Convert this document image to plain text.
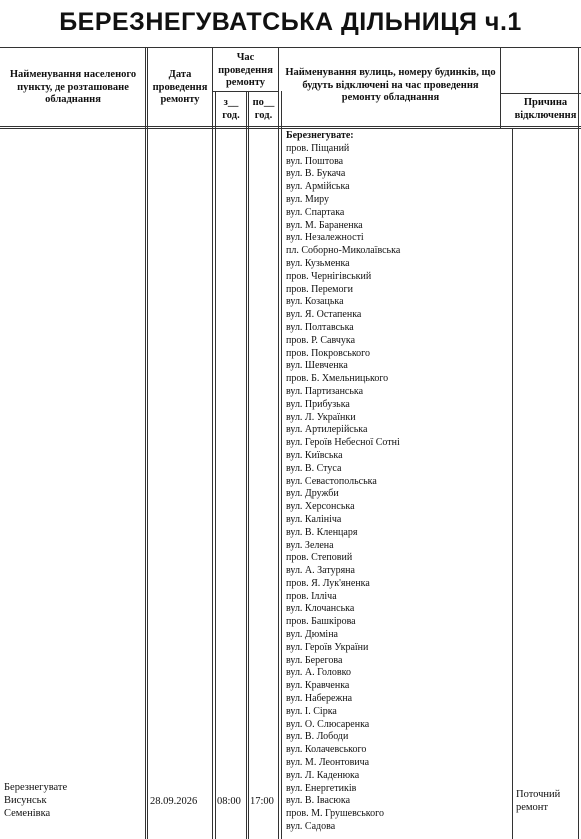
БЕРЕЗНЕГУВАТСЬКА ДІЛЬНИЦЯ ч.1
Найменування населеного пункту, де розташоване обладнання
Дата проведення ремонту
Час проведення ремонту
з__ год.
по__ год.
Найменування вулиць, номеру будинків, що будуть відключені на час проведення ремонту обладнання	Причина відключення
Березнегувате
Висунськ
Семенівка
28.09.2026 08:00 17:00
Поточний ремонт
Березнегувате:
пров. Піщаний
вул. Поштова
вул. В. Букача
вул. Армійська
вул. Миру
вул. Спартака
вул. М. Бараненка
вул. Незалежності
пл. Соборно-Миколаївська
вул. Кузьменка
пров. Чернігівський
пров. Перемоги
вул. Козацька
вул. Я. Остапенка
вул. Полтавська
пров. Р. Савчука
пров. Покровського
вул. Шевченка
пров. Б. Хмельницького
вул. Партизанська
вул. Прибузька
вул. Л. Українки
вул. Артилерійська
вул. Героїв Небесної Сотні
вул. Київська
вул. В. Стуса
вул. Севастопольська
вул. Дружби
вул. Херсонська
вул. Калініча
вул. В. Кленцаря
вул. Зелена
пров. Степовий
вул. А. Затуряна
пров. Я. Лук'яненка
пров. Ілліча
вул. Клочанська
пров. Башкірова
вул. Дюміна
вул. Героїв України
вул. Берегова
вул. А. Головко
вул. Кравченка
вул. Набережна
вул. І. Сірка
вул. О. Слюсаренка
вул. В. Лободи
вул. Колачевського
вул. М. Леонтовича
вул. Л. Каденюка
вул. Енергетиків
вул. В. Івасюка
пров. М. Грушевського
вул. Садова
